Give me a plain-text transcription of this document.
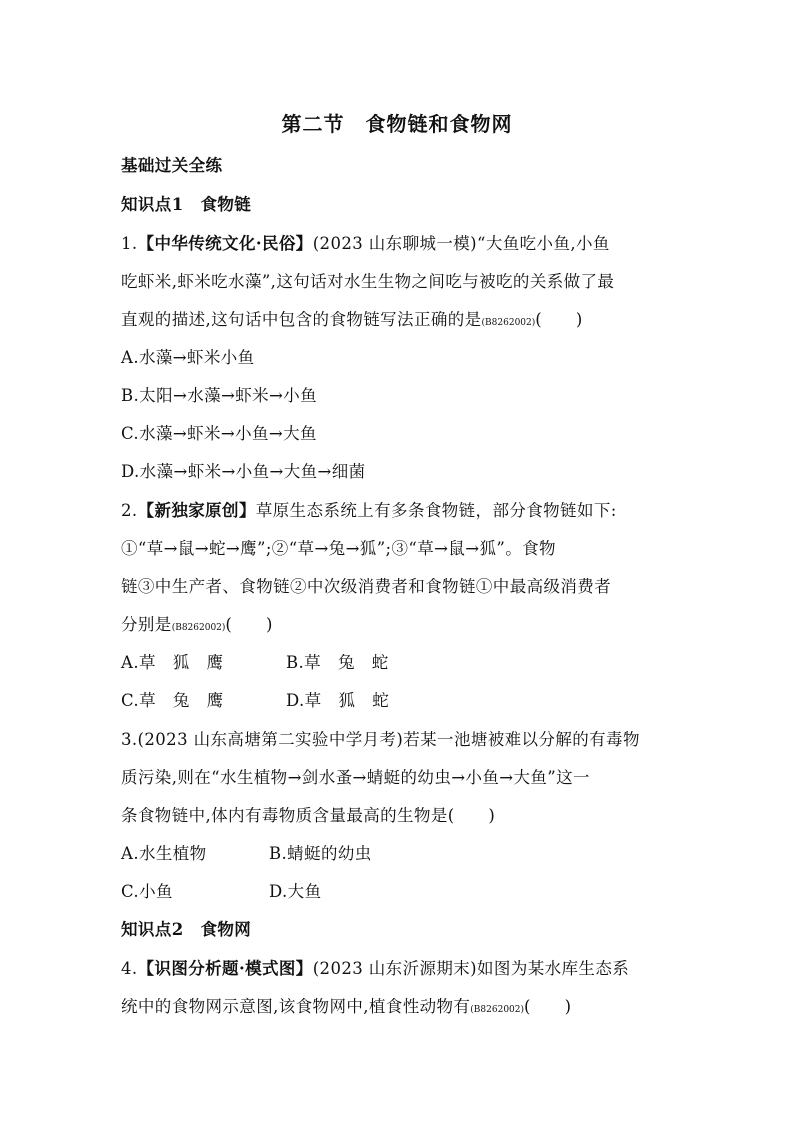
第二节　食物链和食物网
基础过关全练
知识点1　食物链
1.【中华传统文化·民俗】(2023 山东聊城一模)“大鱼吃小鱼,小鱼
吃虾米,虾米吃水藻”,这句话对水生生物之间吃与被吃的关系做了最
直观的描述,这句话中包含的食物链写法正确的是(B8262002)(  )
A.水藻→虾米小鱼
B.太阳→水藻→虾米→小鱼
C.水藻→虾米→小鱼→大鱼
D.水藻→虾米→小鱼→大鱼→细菌
2.【新独家原创】草原生态系统上有多条食物链，部分食物链如下:
①“草→鼠→蛇→鹰”;②“草→兔→狐”;③“草→鼠→狐”。食物
链③中生产者、食物链②中次级消费者和食物链①中最高级消费者
分别是(B8262002)(  )
A.草　狐　鹰	B.草　兔　蛇
C.草　兔　鹰	D.草　狐　蛇
3.(2023 山东高塘第二实验中学月考)若某一池塘被难以分解的有毒物
质污染,则在“水生植物→剑水蚤→蜻蜓的幼虫→小鱼→大鱼”这一
条食物链中,体内有毒物质含量最高的生物是(  )
A.水生植物	B.蜻蜓的幼虫
C.小鱼	D.大鱼
知识点2　食物网
4.【识图分析题·模式图】(2023 山东沂源期末)如图为某水库生态系
统中的食物网示意图,该食物网中,植食性动物有(B8262002)(  )
